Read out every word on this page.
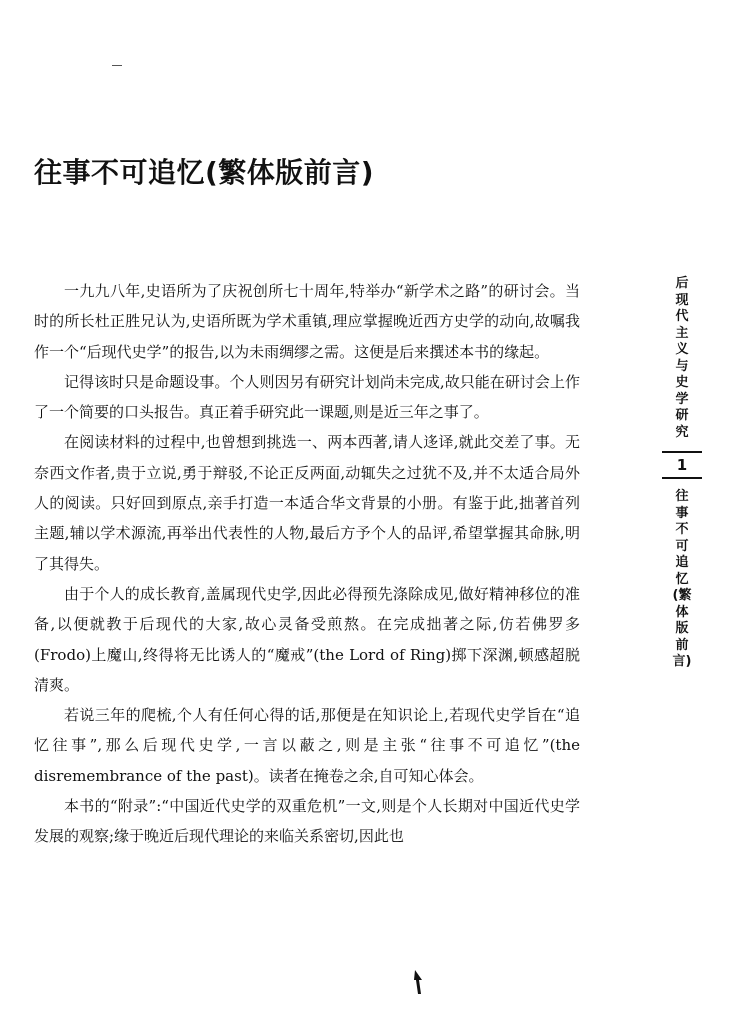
往事不可追忆(繁体版前言)

一九九八年,史语所为了庆祝创所七十周年,特举办“新学术之路”的研讨会。当时的所长杜正胜兄认为,史语所既为学术重镇,理应掌握晚近西方史学的动向,故嘱我作一个“后现代史学”的报告,以为未雨绸缪之需。这便是后来撰述本书的缘起。

记得该时只是命题设事。个人则因另有研究计划尚未完成,故只能在研讨会上作了一个简要的口头报告。真正着手研究此一课题,则是近三年之事了。

在阅读材料的过程中,也曾想到挑选一、两本西著,请人迻译,就此交差了事。无奈西文作者,贵于立说,勇于辩驳,不论正反两面,动辄失之过犹不及,并不太适合局外人的阅读。只好回到原点,亲手打造一本适合华文背景的小册。有鉴于此,拙著首列主题,辅以学术源流,再举出代表性的人物,最后方予个人的品评,希望掌握其命脉,明了其得失。

由于个人的成长教育,盖属现代史学,因此必得预先涤除成见,做好精神移位的准备,以便就教于后现代的大家,故心灵备受煎熬。在完成拙著之际,仿若佛罗多(Frodo)上魔山,终得将无比诱人的“魔戒”(the Lord of Ring)掷下深渊,顿感超脱清爽。

若说三年的爬梳,个人有任何心得的话,那便是在知识论上,若现代史学旨在“追忆往事”,那么后现代史学,一言以蔽之,则是主张“往事不可追忆”(the disremembrance of the past)。读者在掩卷之余,自可知心体会。

本书的“附录”:“中国近代史学的双重危机”一文,则是个人长期对中国近代史学发展的观察;缘于晚近后现代理论的来临关系密切,因此也

后现代主义与史学研究
1
往事不可追忆(繁体版前言)
